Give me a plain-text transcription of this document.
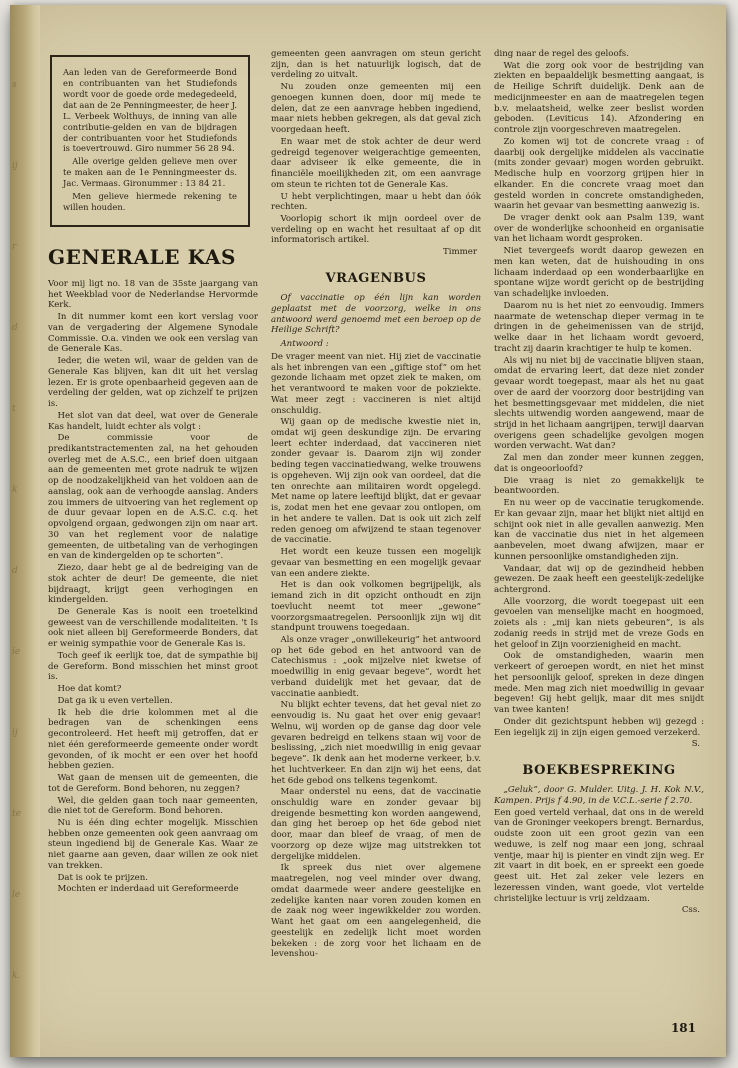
s

ij

r

d

t

k

d

ie

ij

te

le

k.

Aan leden van de Gereformeerde Bond en contribuanten van het Studiefonds wordt voor de goede orde medegedeeld, dat aan de 2e Penningmeester, de heer J. L. Verbeek Wolthuys, de inning van alle contributie-gelden en van de bijdragen der contribuanten voor het Studiefonds is toevertrouwd. Giro nummer 56 28 94.

Alle overige gelden gelieve men over te maken aan de 1e Penningmeester ds. Jac. Vermaas. Gironummer : 13 84 21.

Men gelieve hiermede rekening te willen houden.

GENERALE KAS

Voor mij ligt no. 18 van de 35ste jaargang van het Weekblad voor de Nederlandse Hervormde Kerk.

In dit nummer komt een kort verslag voor van de vergadering der Algemene Synodale Commissie. O.a. vinden we ook een verslag van de Generale Kas.

Ieder, die weten wil, waar de gelden van de Generale Kas blijven, kan dit uit het verslag lezen. Er is grote openbaarheid gegeven aan de verdeling der gelden, wat op zichzelf te prijzen is.

Het slot van dat deel, wat over de Generale Kas handelt, luidt echter als volgt :

De commissie voor de predikantstractementen zal, na het gehouden overleg met de A.S.C., een brief doen uitgaan aan de gemeenten met grote nadruk te wijzen op de noodzakelijkheid van het voldoen aan de aanslag, ook aan de verhoogde aanslag. Anders zou immers de uitvoering van het reglement op de duur gevaar lopen en de A.S.C. c.q. het opvolgend orgaan, gedwongen zijn om naar art. 30 van het reglement voor de nalatige gemeenten, de uitbetaling van de verhogingen en van de kindergelden op te schorten”.

Ziezo, daar hebt ge al de bedreiging van de stok achter de deur! De gemeente, die niet bijdraagt, krijgt geen verhogingen en kindergelden.

De Generale Kas is nooit een troetelkind geweest van de verschillende modaliteiten. 't Is ook niet alleen bij Gereformeerde Bonders, dat er weinig sympathie voor de Generale Kas is.

Toch geef ik eerlijk toe, dat de sympathie bij de Gereform. Bond misschien het minst groot is.

Hoe dat komt?

Dat ga ik u even vertellen.

Ik heb die drie kolommen met al die bedragen van de schenkingen eens gecontroleerd. Het heeft mij getroffen, dat er niet één gereformeerde gemeente onder wordt gevonden, of ik mocht er een over het hoofd hebben gezien.

Wat gaan de mensen uit de gemeenten, die tot de Gereform. Bond behoren, nu zeggen?

Wel, die gelden gaan toch naar gemeenten, die niet tot de Gereform. Bond behoren.

Nu is één ding echter mogelijk. Misschien hebben onze gemeenten ook geen aanvraag om steun ingediend bij de Generale Kas. Waar ze niet gaarne aan geven, daar willen ze ook niet van trekken.

Dat is ook te prijzen.

Mochten er inderdaad uit Gereformeerde

gemeenten geen aanvragen om steun gericht zijn, dan is het natuurlijk logisch, dat de verdeling zo uitvalt.

Nu zouden onze gemeenten mij een genoegen kunnen doen, door mij mede te delen, dat ze een aanvrage hebben ingediend, maar niets hebben gekregen, als dat geval zich voorgedaan heeft.

En waar met de stok achter de deur werd gedreigd tegenover weigerachtige gemeenten, daar adviseer ik elke gemeente, die in financiële moeilijkheden zit, om een aanvrage om steun te richten tot de Generale Kas.

U hebt verplichtingen, maar u hebt dan óók rechten.

Voorlopig schort ik mijn oordeel over de verdeling op en wacht het resultaat af op dit informatorisch artikel.

Timmer

VRAGENBUS

Of vaccinatie op één lijn kan worden geplaatst met de voorzorg, welke in ons antwoord werd genoemd met een beroep op de Heilige Schrift?

Antwoord :

De vrager meent van niet. Hij ziet de vaccinatie als het inbrengen van een „giftige stof” om het gezonde lichaam met opzet ziek te maken, om het verantwoord te maken voor de pokziekte. Wat meer zegt : vaccineren is niet altijd onschuldig.

Wij gaan op de medische kwestie niet in, omdat wij geen deskundige zijn. De ervaring leert echter inderdaad, dat vaccineren niet zonder gevaar is. Daarom zijn wij zonder beding tegen vaccinatiedwang, welke trouwens is opgeheven. Wij zijn ook van oordeel, dat die ten onrechte aan militairen wordt opgelegd. Met name op latere leeftijd blijkt, dat er gevaar is, zodat men het ene gevaar zou ontlopen, om in het andere te vallen. Dat is ook uit zich zelf reden genoeg om afwijzend te staan tegenover de vaccinatie.

Het wordt een keuze tussen een mogelijk gevaar van besmetting en een mogelijk gevaar van een andere ziekte.

Het is dan ook volkomen begrijpelijk, als iemand zich in dit opzicht onthoudt en zijn toevlucht neemt tot meer „gewone” voorzorgsmaatregelen. Persoonlijk zijn wij dit standpunt trouwens toegedaan.

Als onze vrager „onwillekeurig” het antwoord op het 6de gebod en het antwoord van de Catechismus : „ook mijzelve niet kwetse of moedwillig in enig gevaar begeve”, wordt het verband duidelijk met het gevaar, dat de vaccinatie aanbiedt.

Nu blijkt echter tevens, dat het geval niet zo eenvoudig is. Nu gaat het over enig gevaar! Welnu, wij worden op de ganse dag door vele gevaren bedreigd en telkens staan wij voor de beslissing, „zich niet moedwillig in enig gevaar begeve”. Ik denk aan het moderne verkeer, b.v. het luchtverkeer. En dan zijn wij het eens, dat het 6de gebod ons telkens tegenkomt.

Maar onderstel nu eens, dat de vaccinatie onschuldig ware en zonder gevaar bij dreigende besmetting kon worden aangewend, dan ging het beroep op het 6de gebod niet door, maar dan bleef de vraag, of men de voorzorg op deze wijze mag uitstrekken tot dergelijke middelen.

Ik spreek dus niet over algemene maatregelen, nog veel minder over dwang, omdat daarmede weer andere geestelijke en zedelijke kanten naar voren zouden komen en de zaak nog weer ingewikkelder zou worden. Want het gaat om een aangelegenheid, die geestelijk en zedelijk licht moet worden bekeken : de zorg voor het lichaam en de levenshou-

ding naar de regel des geloofs.

Wat die zorg ook voor de bestrijding van ziekten en bepaaldelijk besmetting aangaat, is de Heilige Schrift duidelijk. Denk aan de medicijnmeester en aan de maatregelen tegen b.v. melaatsheid, welke zeer beslist worden geboden. (Leviticus 14). Afzondering en controle zijn voorgeschreven maatregelen.

Zo komen wij tot de concrete vraag : of daarbij ook dergelijke middelen als vaccinatie (mits zonder gevaar) mogen worden gebruikt. Medische hulp en voorzorg grijpen hier in elkander. En die concrete vraag moet dan gesteld worden in concrete omstandigheden, waarin het gevaar van besmetting aanwezig is.

De vrager denkt ook aan Psalm 139, want over de wonderlijke schoonheid en organisatie van het lichaam wordt gesproken.

Niet tevergeefs wordt daarop gewezen en men kan weten, dat de huishouding in ons lichaam inderdaad op een wonderbaarlijke en spontane wijze wordt gericht op de bestrijding van schadelijke invloeden.

Daarom nu is het niet zo eenvoudig. Immers naarmate de wetenschap dieper vermag in te dringen in de geheimenissen van de strijd, welke daar in het lichaam wordt gevoerd, tracht zij daarin krachtiger te hulp te komen.

Als wij nu niet bij de vaccinatie blijven staan, omdat de ervaring leert, dat deze niet zonder gevaar wordt toegepast, maar als het nu gaat over de aard der voorzorg door bestrijding van het besmettingsgevaar met middelen, die niet slechts uitwendig worden aangewend, maar de strijd in het lichaam aangrijpen, terwijl daarvan overigens geen schadelijke gevolgen mogen worden verwacht. Wat dan?

Zal men dan zonder meer kunnen zeggen, dat is ongeoorloofd?

Die vraag is niet zo gemakkelijk te beantwoorden.

En nu weer op de vaccinatie terugkomende. Er kan gevaar zijn, maar het blijkt niet altijd en schijnt ook niet in alle gevallen aanwezig. Men kan de vaccinatie dus niet in het algemeen aanbevelen, moet dwang afwijzen, maar er kunnen persoonlijke omstandigheden zijn.

Vandaar, dat wij op de gezindheid hebben gewezen. De zaak heeft een geestelijk-zedelijke achtergrond.

Alle voorzorg, die wordt toegepast uit een gevoelen van menselijke macht en hoogmoed, zoiets als : „mij kan niets gebeuren”, is als zodanig reeds in strijd met de vreze Gods en het geloof in Zijn voorzienigheid en macht.

Ook de omstandigheden, waarin men verkeert of geroepen wordt, en niet het minst het persoonlijk geloof, spreken in deze dingen mede. Men mag zich niet moedwillig in gevaar begeven! Gij hebt gelijk, maar dit mes snijdt van twee kanten!

Onder dit gezichtspunt hebben wij gezegd : Een iegelijk zij in zijn eigen gemoed verzekerd.

S.

BOEKBESPREKING

„Geluk”, door G. Mulder. Uitg. J. H. Kok N.V., Kampen. Prijs f 4.90, in de V.C.L.-serie f 2.70.

Een goed verteld verhaal, dat ons in de wereld van de Groninger veekopers brengt. Bernardus, oudste zoon uit een groot gezin van een weduwe, is zelf nog maar een jong, schraal ventje, maar hij is pienter en vindt zijn weg. Er zit vaart in dit boek, en er spreekt een goede geest uit. Het zal zeker vele lezers en lezeressen vinden, want goede, vlot vertelde christelijke lectuur is vrij zeldzaam.

Css.

181
